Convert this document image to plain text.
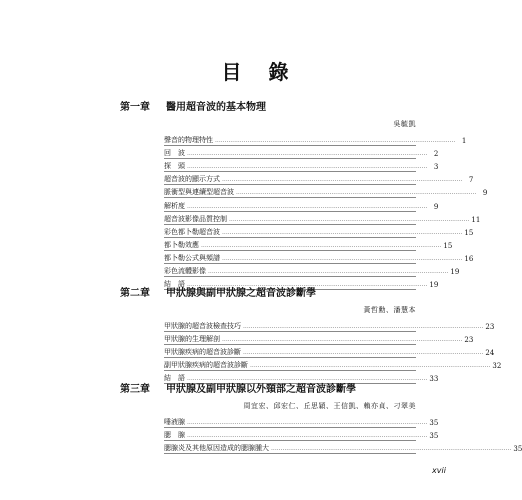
目 錄
第一章	醫用超音波的基本物理
吳毓凱
聲音的物理特性 .............................................................................................................................. 1
回　波 .............................................................................................................................. 2
探　頭 .............................................................................................................................. 3
超音波的顯示方式 .............................................................................................................................. 7
脈衝型與連續型超音波 .............................................................................................................................. 9
解析度 .............................................................................................................................. 9
超音波影像品質控制 .............................................................................................................................. 11
彩色都卜勒超音波 .............................................................................................................................. 15
都卜勒效應 .............................................................................................................................. 15
都卜勒公式與頻譜 .............................................................................................................................. 16
彩色流體影像 .............................................................................................................................. 19
結　語 .............................................................................................................................. 19
第二章	甲狀腺與副甲狀腺之超音波診斷學
黃哲勳、潘慧本
甲狀腺的超音波檢查技巧 .............................................................................................................................. 23
甲狀腺的生理解剖 .............................................................................................................................. 23
甲狀腺疾病的超音波診斷 .............................................................................................................................. 24
副甲狀腺疾病的超音波診斷 .............................................................................................................................. 32
結　語 .............................................................................................................................. 33
第三章	甲狀腺及副甲狀腺以外頸部之超音波診斷學
周宜宏、邱宏仁、丘思穎、王信凱、賴亦貞、刁翠美
唾液腺 .............................................................................................................................. 35
腮　腺 .............................................................................................................................. 35
腮腺炎及其他原因造成的腮腺腫大 .............................................................................................................................. 35
xvii
